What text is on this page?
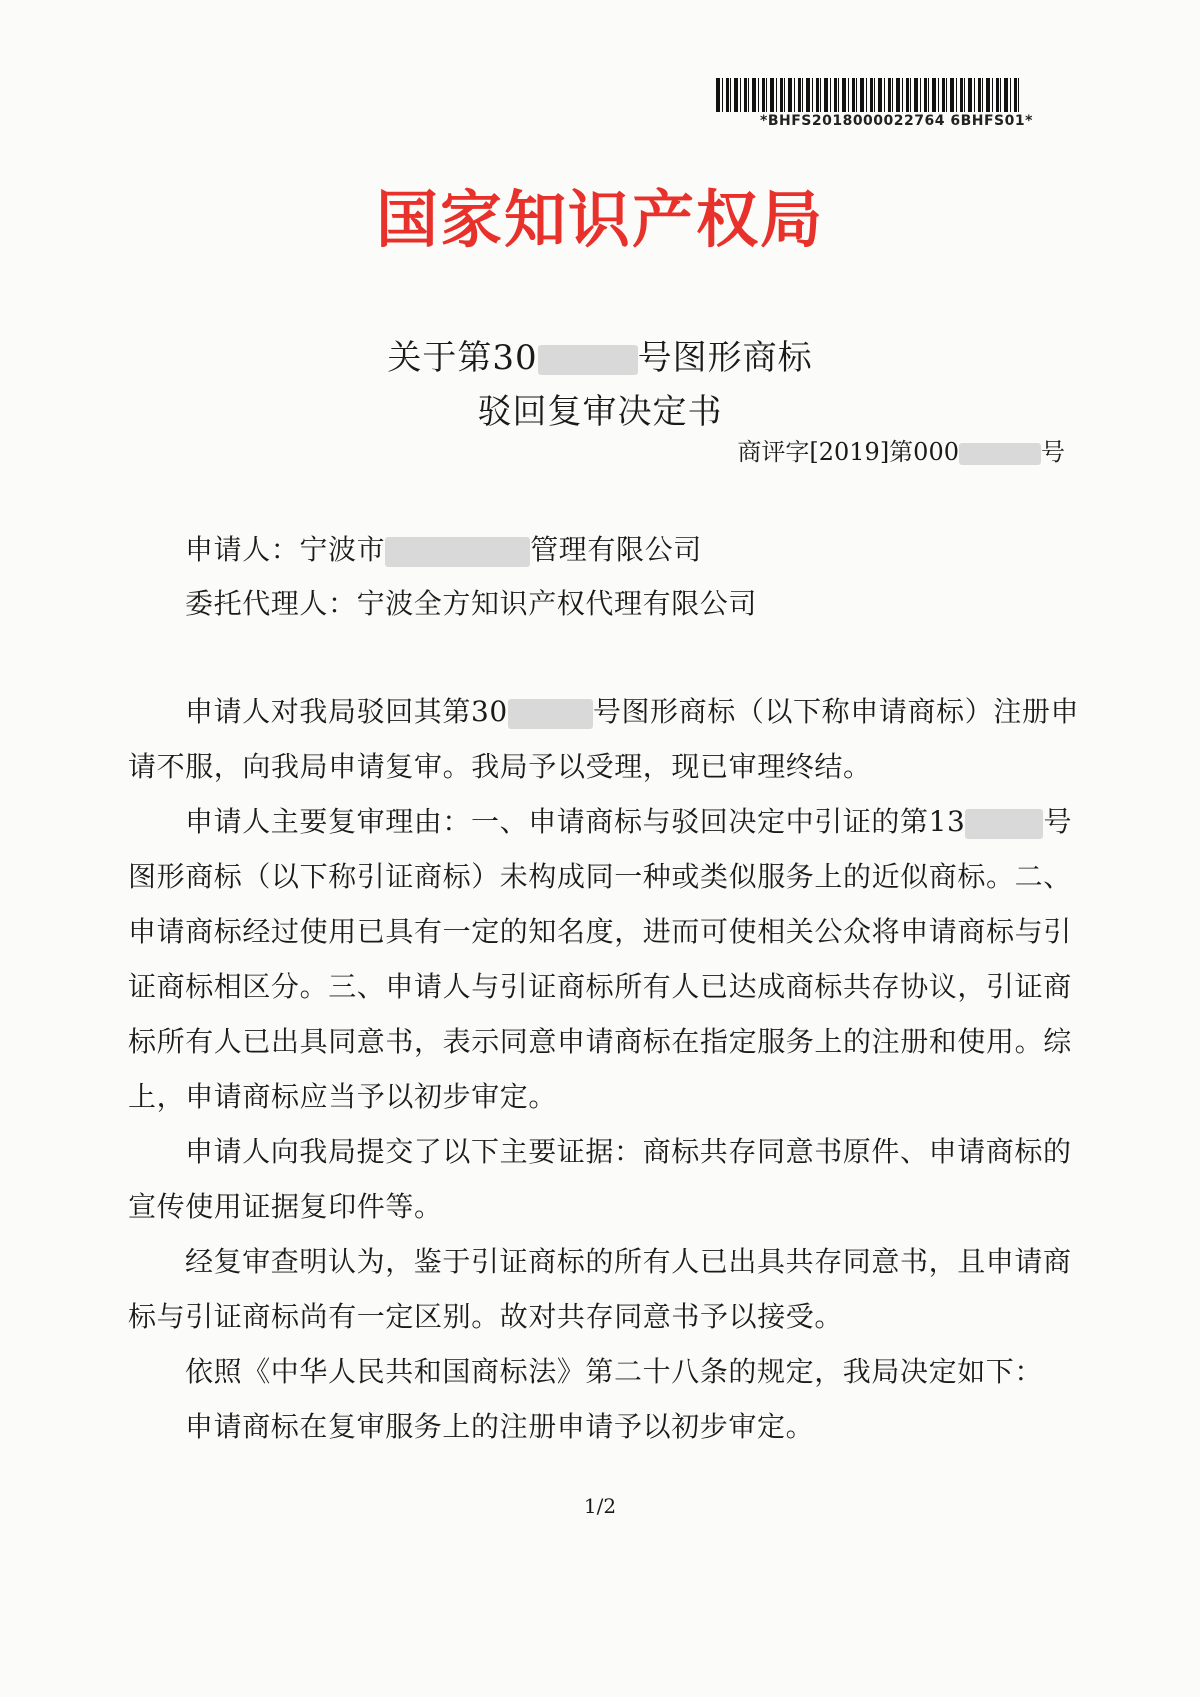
*BHFS2018000022764 6BHFS01*
国家知识产权局
关于第30	号图形商标
驳回复审决定书
商评字[2019]第000	号
申请人：宁波市	管理有限公司
委托代理人：宁波全方知识产权代理有限公司
申请人对我局驳回其第30	号图形商标（以下称申请商标）注册申
请不服，向我局申请复审。我局予以受理，现已审理终结。
申请人主要复审理由：一、申请商标与驳回决定中引证的第13	号
图形商标（以下称引证商标）未构成同一种或类似服务上的近似商标。二、
申请商标经过使用已具有一定的知名度，进而可使相关公众将申请商标与引
证商标相区分。三、申请人与引证商标所有人已达成商标共存协议，引证商
标所有人已出具同意书，表示同意申请商标在指定服务上的注册和使用。综
上，申请商标应当予以初步审定。
申请人向我局提交了以下主要证据：商标共存同意书原件、申请商标的
宣传使用证据复印件等。
经复审查明认为，鉴于引证商标的所有人已出具共存同意书，且申请商
标与引证商标尚有一定区别。故对共存同意书予以接受。
依照《中华人民共和国商标法》第二十八条的规定，我局决定如下：
申请商标在复审服务上的注册申请予以初步审定。
1/2
